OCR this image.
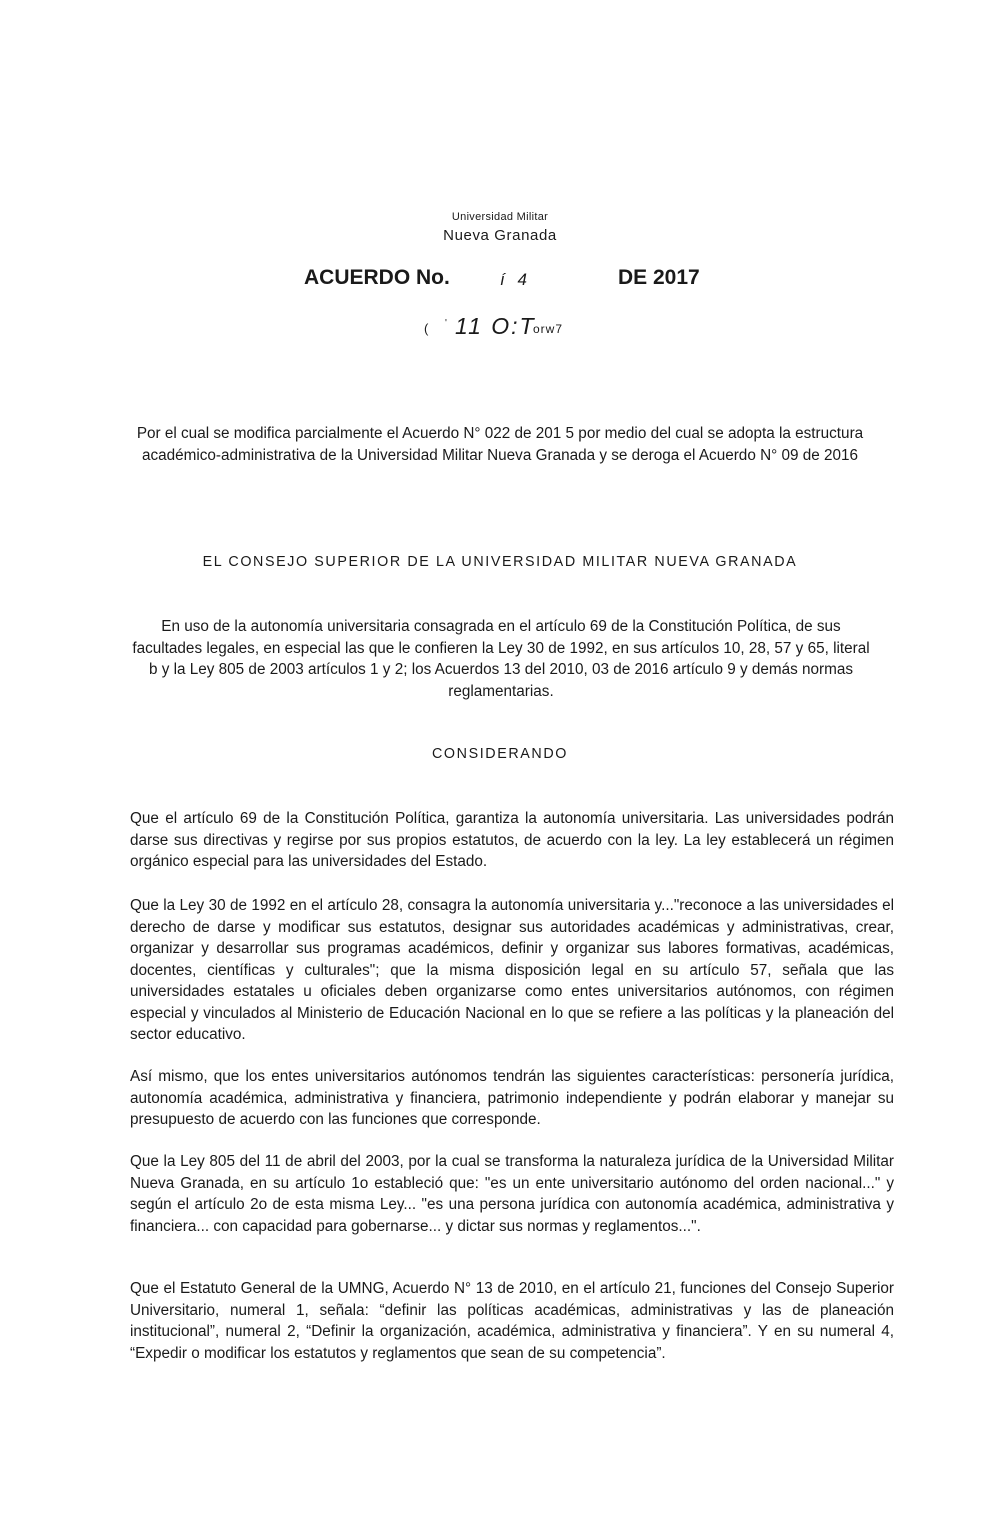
Universidad Militar
Nueva Granada
ACUERDO No.	í 4	DE 2017
( ' 11 O:T
orw7
Por el cual se modifica parcialmente el Acuerdo N° 022 de 201 5 por medio del cual se adopta la estructura académico-administrativa de la Universidad Militar Nueva Granada y se deroga el Acuerdo N° 09 de 2016
EL CONSEJO SUPERIOR DE LA UNIVERSIDAD MILITAR NUEVA GRANADA
En uso de la autonomía universitaria consagrada en el artículo 69 de la Constitución Política, de sus facultades legales, en especial las que le confieren la Ley 30 de 1992, en sus artículos 10, 28, 57 y 65, literal b y la Ley 805 de 2003 artículos 1 y 2; los Acuerdos 13 del 2010, 03 de 2016 artículo 9 y demás normas reglamentarias.
CONSIDERANDO
Que el artículo 69 de la Constitución Política, garantiza la autonomía universitaria. Las universidades podrán darse sus directivas y regirse por sus propios estatutos, de acuerdo con la ley. La ley establecerá un régimen orgánico especial para las universidades del Estado.
Que la Ley 30 de 1992 en el artículo 28, consagra la autonomía universitaria y..."reconoce a las universidades el derecho de darse y modificar sus estatutos, designar sus autoridades académicas y administrativas, crear, organizar y desarrollar sus programas académicos, definir y organizar sus labores formativas, académicas, docentes, científicas y culturales"; que la misma disposición legal en su artículo 57, señala que las universidades estatales u oficiales deben organizarse como entes universitarios autónomos, con régimen especial y vinculados al Ministerio de Educación Nacional en lo que se refiere a las políticas y la planeación del sector educativo.
Así mismo, que los entes universitarios autónomos tendrán las siguientes características: personería jurídica, autonomía académica, administrativa y financiera, patrimonio independiente y podrán elaborar y manejar su presupuesto de acuerdo con las funciones que corresponde.
Que la Ley 805 del 11 de abril del 2003, por la cual se transforma la naturaleza jurídica de la Universidad Militar Nueva Granada, en su artículo 1o estableció que: "es un ente universitario autónomo del orden nacional..." y según el artículo 2o de esta misma Ley... "es una persona jurídica con autonomía académica, administrativa y financiera... con capacidad para gobernarse... y dictar sus normas y reglamentos...".
Que el Estatuto General de la UMNG, Acuerdo N° 13 de 2010, en el artículo 21, funciones del Consejo Superior Universitario, numeral 1, señala: “definir las políticas académicas, administrativas y las de planeación institucional”, numeral 2, “Definir la organización, académica, administrativa y financiera”. Y en su numeral 4, “Expedir o modificar los estatutos y reglamentos que sean de su competencia”.
